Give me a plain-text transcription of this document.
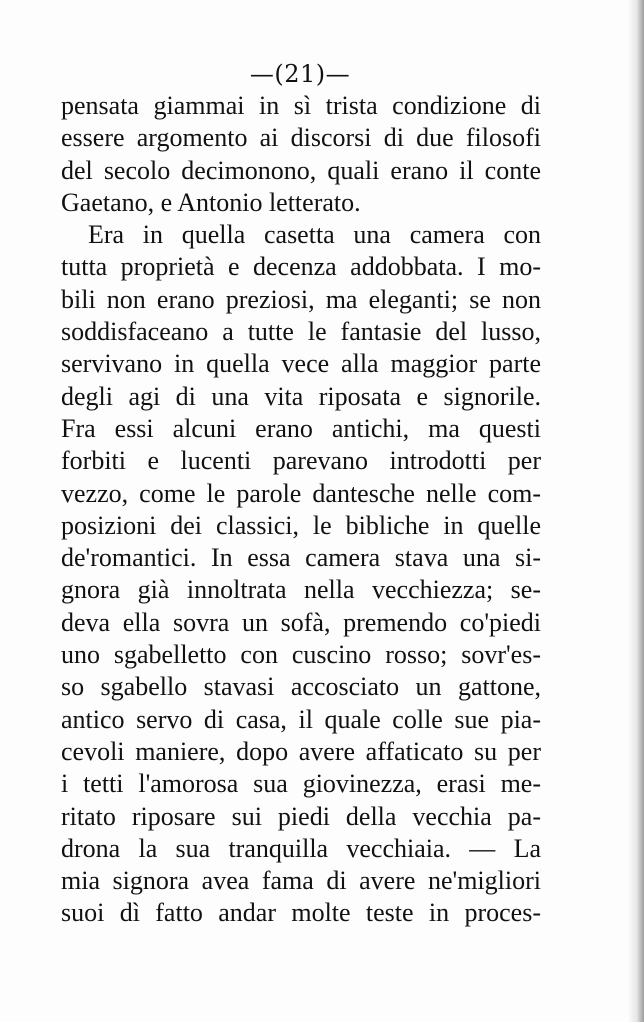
—(21)—
pensata giammai in sì trista condizione di
essere argomento ai discorsi di due filosofi
del secolo decimonono, quali erano il conte
Gaetano, e Antonio letterato.
Era in quella casetta una camera con
tutta proprietà e decenza addobbata. I mo-
bili non erano preziosi, ma eleganti; se non
soddisfaceano a tutte le fantasie del lusso,
servivano in quella vece alla maggior parte
degli agi di una vita riposata e signorile.
Fra essi alcuni erano antichi, ma questi
forbiti e lucenti parevano introdotti per
vezzo, come le parole dantesche nelle com-
posizioni dei classici, le bibliche in quelle
de'romantici. In essa camera stava una si-
gnora già innoltrata nella vecchiezza; se-
deva ella sovra un sofà, premendo co'piedi
uno sgabelletto con cuscino rosso; sovr'es-
so sgabello stavasi accosciato un gattone,
antico servo di casa, il quale colle sue pia-
cevoli maniere, dopo avere affaticato su per
i tetti l'amorosa sua giovinezza, erasi me-
ritato riposare sui piedi della vecchia pa-
drona la sua tranquilla vecchiaia. — La
mia signora avea fama di avere ne'migliori
suoi dì fatto andar molte teste in proces-
